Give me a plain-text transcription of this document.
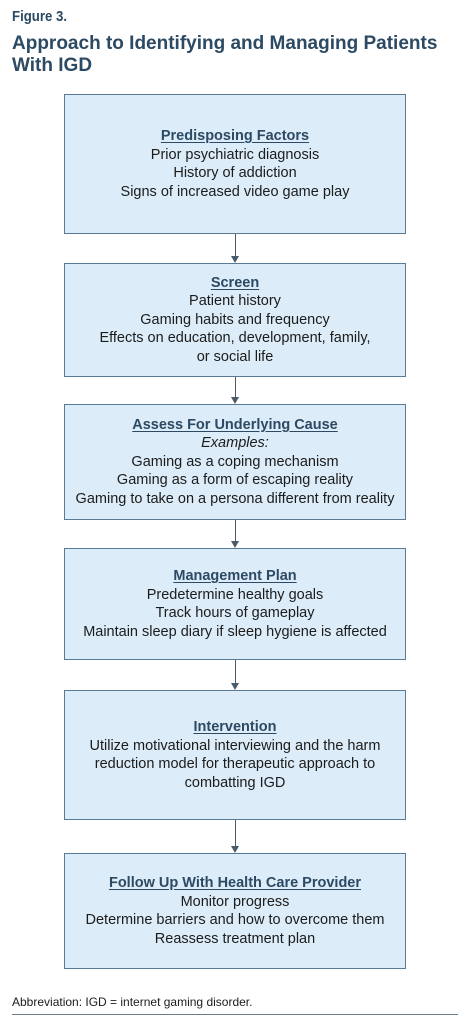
Figure 3.
Approach to Identifying and Managing Patients With IGD
Predisposing Factors
Prior psychiatric diagnosis
History of addiction
Signs of increased video game play
Screen
Patient history
Gaming habits and frequency
Effects on education, development, family,
or social life
Assess For Underlying Cause
Examples:
Gaming as a coping mechanism
Gaming as a form of escaping reality
Gaming to take on a persona different from reality
Management Plan
Predetermine healthy goals
Track hours of gameplay
Maintain sleep diary if sleep hygiene is affected
Intervention
Utilize motivational interviewing and the harm
reduction model for therapeutic approach to
combatting IGD
Follow Up With Health Care Provider
Monitor progress
Determine barriers and how to overcome them
Reassess treatment plan
Abbreviation: IGD = internet gaming disorder.
